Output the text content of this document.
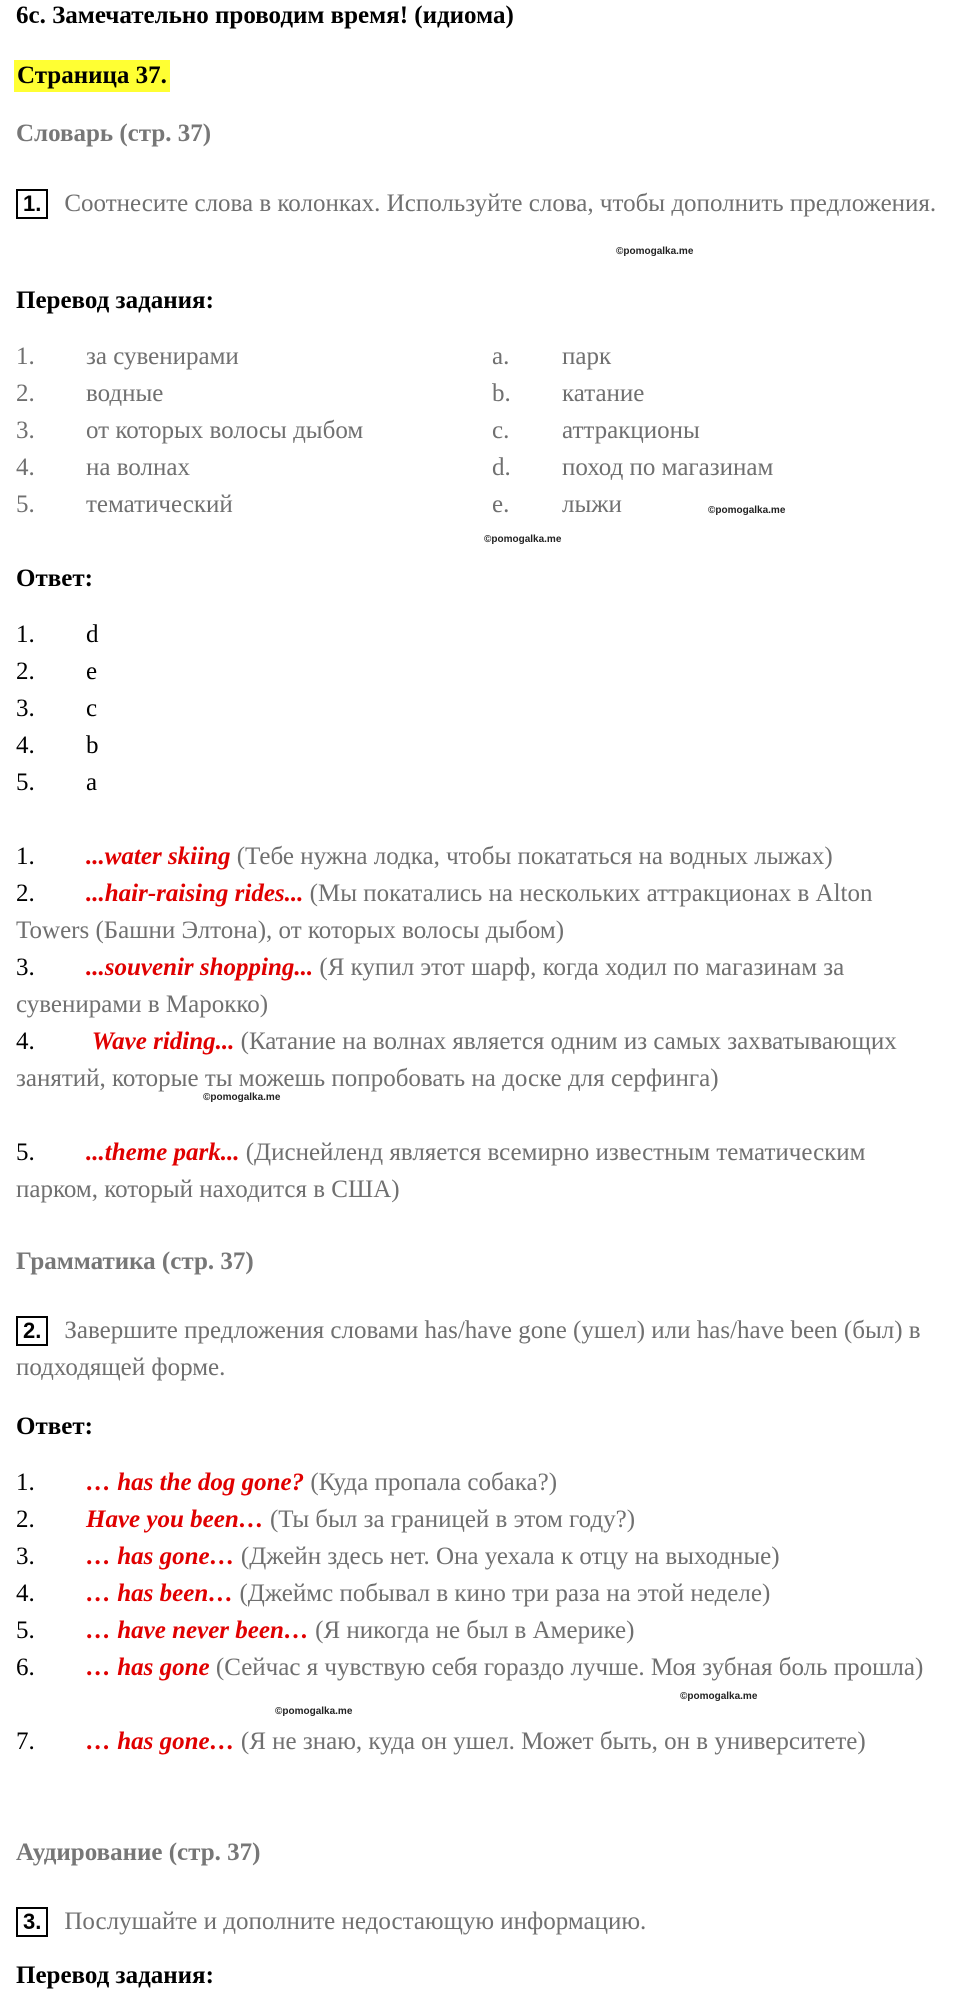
6с. Замечательно проводим время! (идиома)
Страница 37.
Словарь (стр. 37)
1. Соотнесите слова в колонках. Используйте слова, чтобы дополнить предложения.
©pomogalka.me
Перевод задания:
1. за сувенирами
2. водные
3. от которых волосы дыбом
4. на волнах
5. тематический
a. парк
b. катание
c. аттракционы
d. поход по магазинам
e. лыжи	©pomogalka.me
©pomogalka.me
Ответ:
1. d
2. e
3. c
4. b
5. a
1. ...water skiing (Тебе нужна лодка, чтобы покататься на водных лыжах)
2. ...hair-raising rides... (Мы покатались на нескольких аттракционах в Alton Towers (Башни Элтона), от которых волосы дыбом)
3. ...souvenir shopping... (Я купил этот шарф, когда ходил по магазинам за сувенирами в Марокко)
4. Wave riding... (Катание на волнах является одним из самых захватывающих занятий, которые ты можешь попробовать на доске для серфинга)
©pomogalka.me
5. ...theme park... (Диснейленд является всемирно известным тематическим парком, который находится в США)
Грамматика (стр. 37)
2. Завершите предложения словами has/have gone (ушел) или has/have been (был) в подходящей форме.
Ответ:
1. … has the dog gone? (Куда пропала собака?)
2. Have you been… (Ты был за границей в этом году?)
3. … has gone… (Джейн здесь нет. Она уехала к отцу на выходные)
4. … has been… (Джеймс побывал в кино три раза на этой неделе)
5. … have never been… (Я никогда не был в Америке)
6. … has gone (Сейчас я чувствую себя гораздо лучше. Моя зубная боль прошла)
©pomogalka.me
©pomogalka.me
7. … has gone… (Я не знаю, куда он ушел. Может быть, он в университете)
Аудирование (стр. 37)
3. Послушайте и дополните недостающую информацию.
Перевод задания:
